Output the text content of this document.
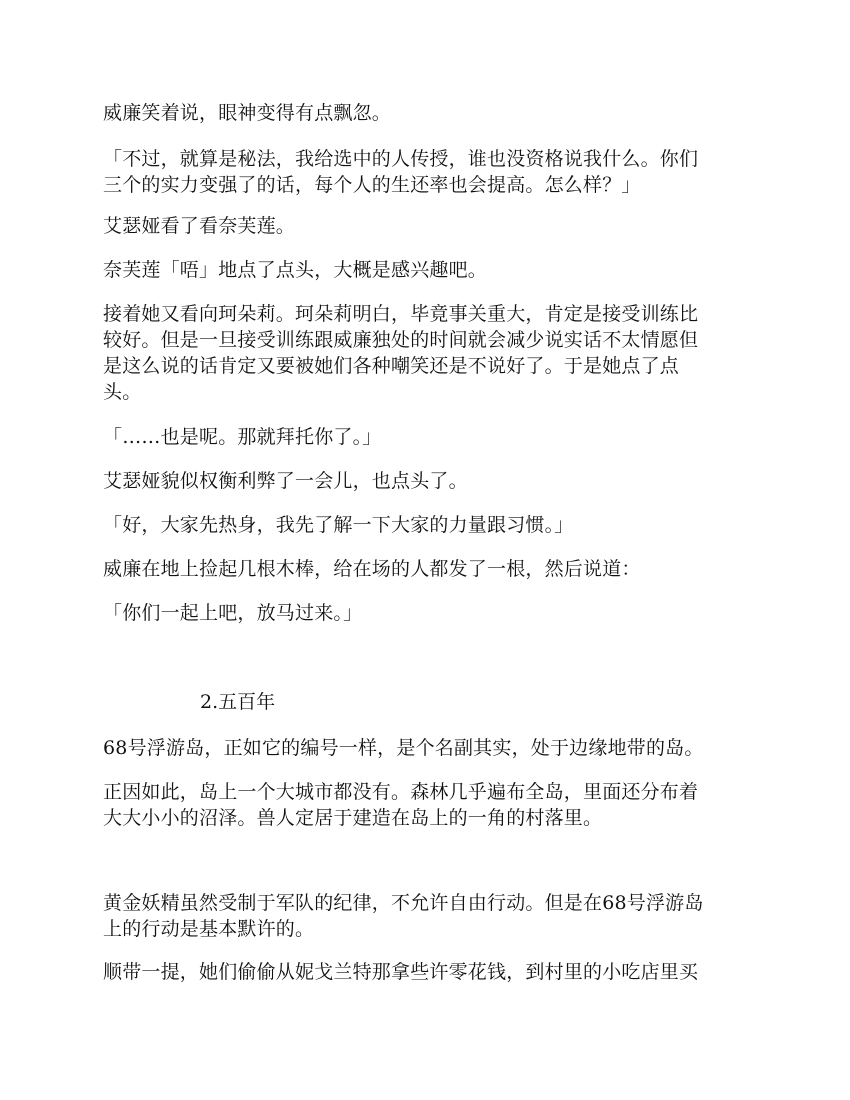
威廉笑着说，眼神变得有点飘忽。

「不过，就算是秘法，我给选中的人传授，谁也没资格说我什么。你们
三个的实力变强了的话，每个人的生还率也会提高。怎么样？」

艾瑟娅看了看奈芙莲。

奈芙莲「唔」地点了点头，大概是感兴趣吧。

接着她又看向珂朵莉。珂朵莉明白，毕竟事关重大，肯定是接受训练比
较好。但是一旦接受训练跟威廉独处的时间就会减少说实话不太情愿但
是这么说的话肯定又要被她们各种嘲笑还是不说好了。于是她点了点
头。

「……也是呢。那就拜托你了。」

艾瑟娅貌似权衡利弊了一会儿，也点头了。

「好，大家先热身，我先了解一下大家的力量跟习惯。」

威廉在地上捡起几根木棒，给在场的人都发了一根，然后说道：

「你们一起上吧，放马过来。」

2.五百年

68号浮游岛，正如它的编号一样，是个名副其实，处于边缘地带的岛。

正因如此，岛上一个大城市都没有。森林几乎遍布全岛，里面还分布着
大大小小的沼泽。兽人定居于建造在岛上的一角的村落里。

黄金妖精虽然受制于军队的纪律，不允许自由行动。但是在68号浮游岛
上的行动是基本默许的。

顺带一提，她们偷偷从妮戈兰特那拿些许零花钱，到村里的小吃店里买
